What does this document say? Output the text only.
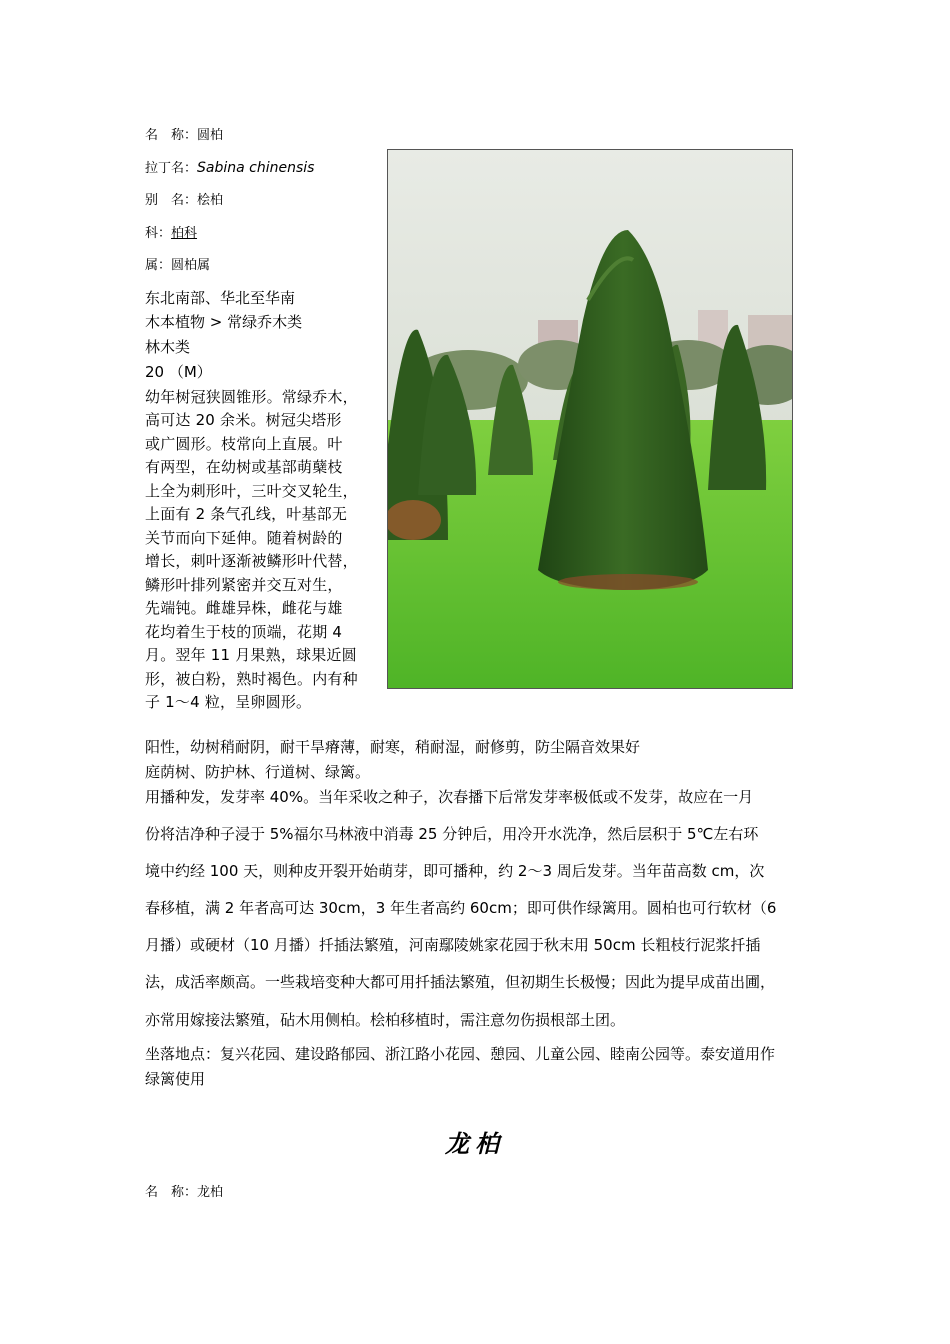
名　称：圆柏
拉丁名：Sabina chinensis
别　名：桧柏
科：柏科
属：圆柏属
东北南部、华北至华南
木本植物 > 常绿乔木类
林木类
20 （M）
幼年树冠狭圆锥形。常绿乔木，
高可达 20 余米。树冠尖塔形
或广圆形。枝常向上直展。叶
有两型，在幼树或基部萌蘖枝
上全为刺形叶，三叶交叉轮生，
上面有 2 条气孔线，叶基部无
关节而向下延伸。随着树龄的
增长，刺叶逐渐被鳞形叶代替，
鳞形叶排列紧密并交互对生，
先端钝。雌雄异株，雌花与雄
花均着生于枝的顶端，花期 4
月。翌年 11 月果熟，球果近圆
形，被白粉，熟时褐色。内有种
子 1～4 粒，呈卵圆形。
阳性，幼树稍耐阴，耐干旱瘠薄，耐寒，稍耐湿，耐修剪，防尘隔音效果好
庭荫树、防护林、行道树、绿篱。
用播种发，发芽率 40%。当年采收之种子，次春播下后常发芽率极低或不发芽，故应在一月
份将洁净种子浸于 5%福尔马林液中消毒 25 分钟后，用冷开水洗净，然后层积于 5℃左右环
境中约经 100 天，则种皮开裂开始萌芽，即可播种，约 2～3 周后发芽。当年苗高数 cm，次
春移植，满 2 年者高可达 30cm，3 年生者高约 60cm；即可供作绿篱用。圆柏也可行软材（6
月播）或硬材（10 月播）扦插法繁殖，河南鄢陵姚家花园于秋末用 50cm 长粗枝行泥浆扦插
法，成活率颇高。一些栽培变种大都可用扦插法繁殖，但初期生长极慢；因此为提早成苗出圃，
亦常用嫁接法繁殖，砧木用侧柏。桧柏移植时，需注意勿伤损根部土团。
坐落地点：复兴花园、建设路郁园、浙江路小花园、憩园、儿童公园、睦南公园等。泰安道用作
绿篱使用
龙柏
名　称：龙柏
